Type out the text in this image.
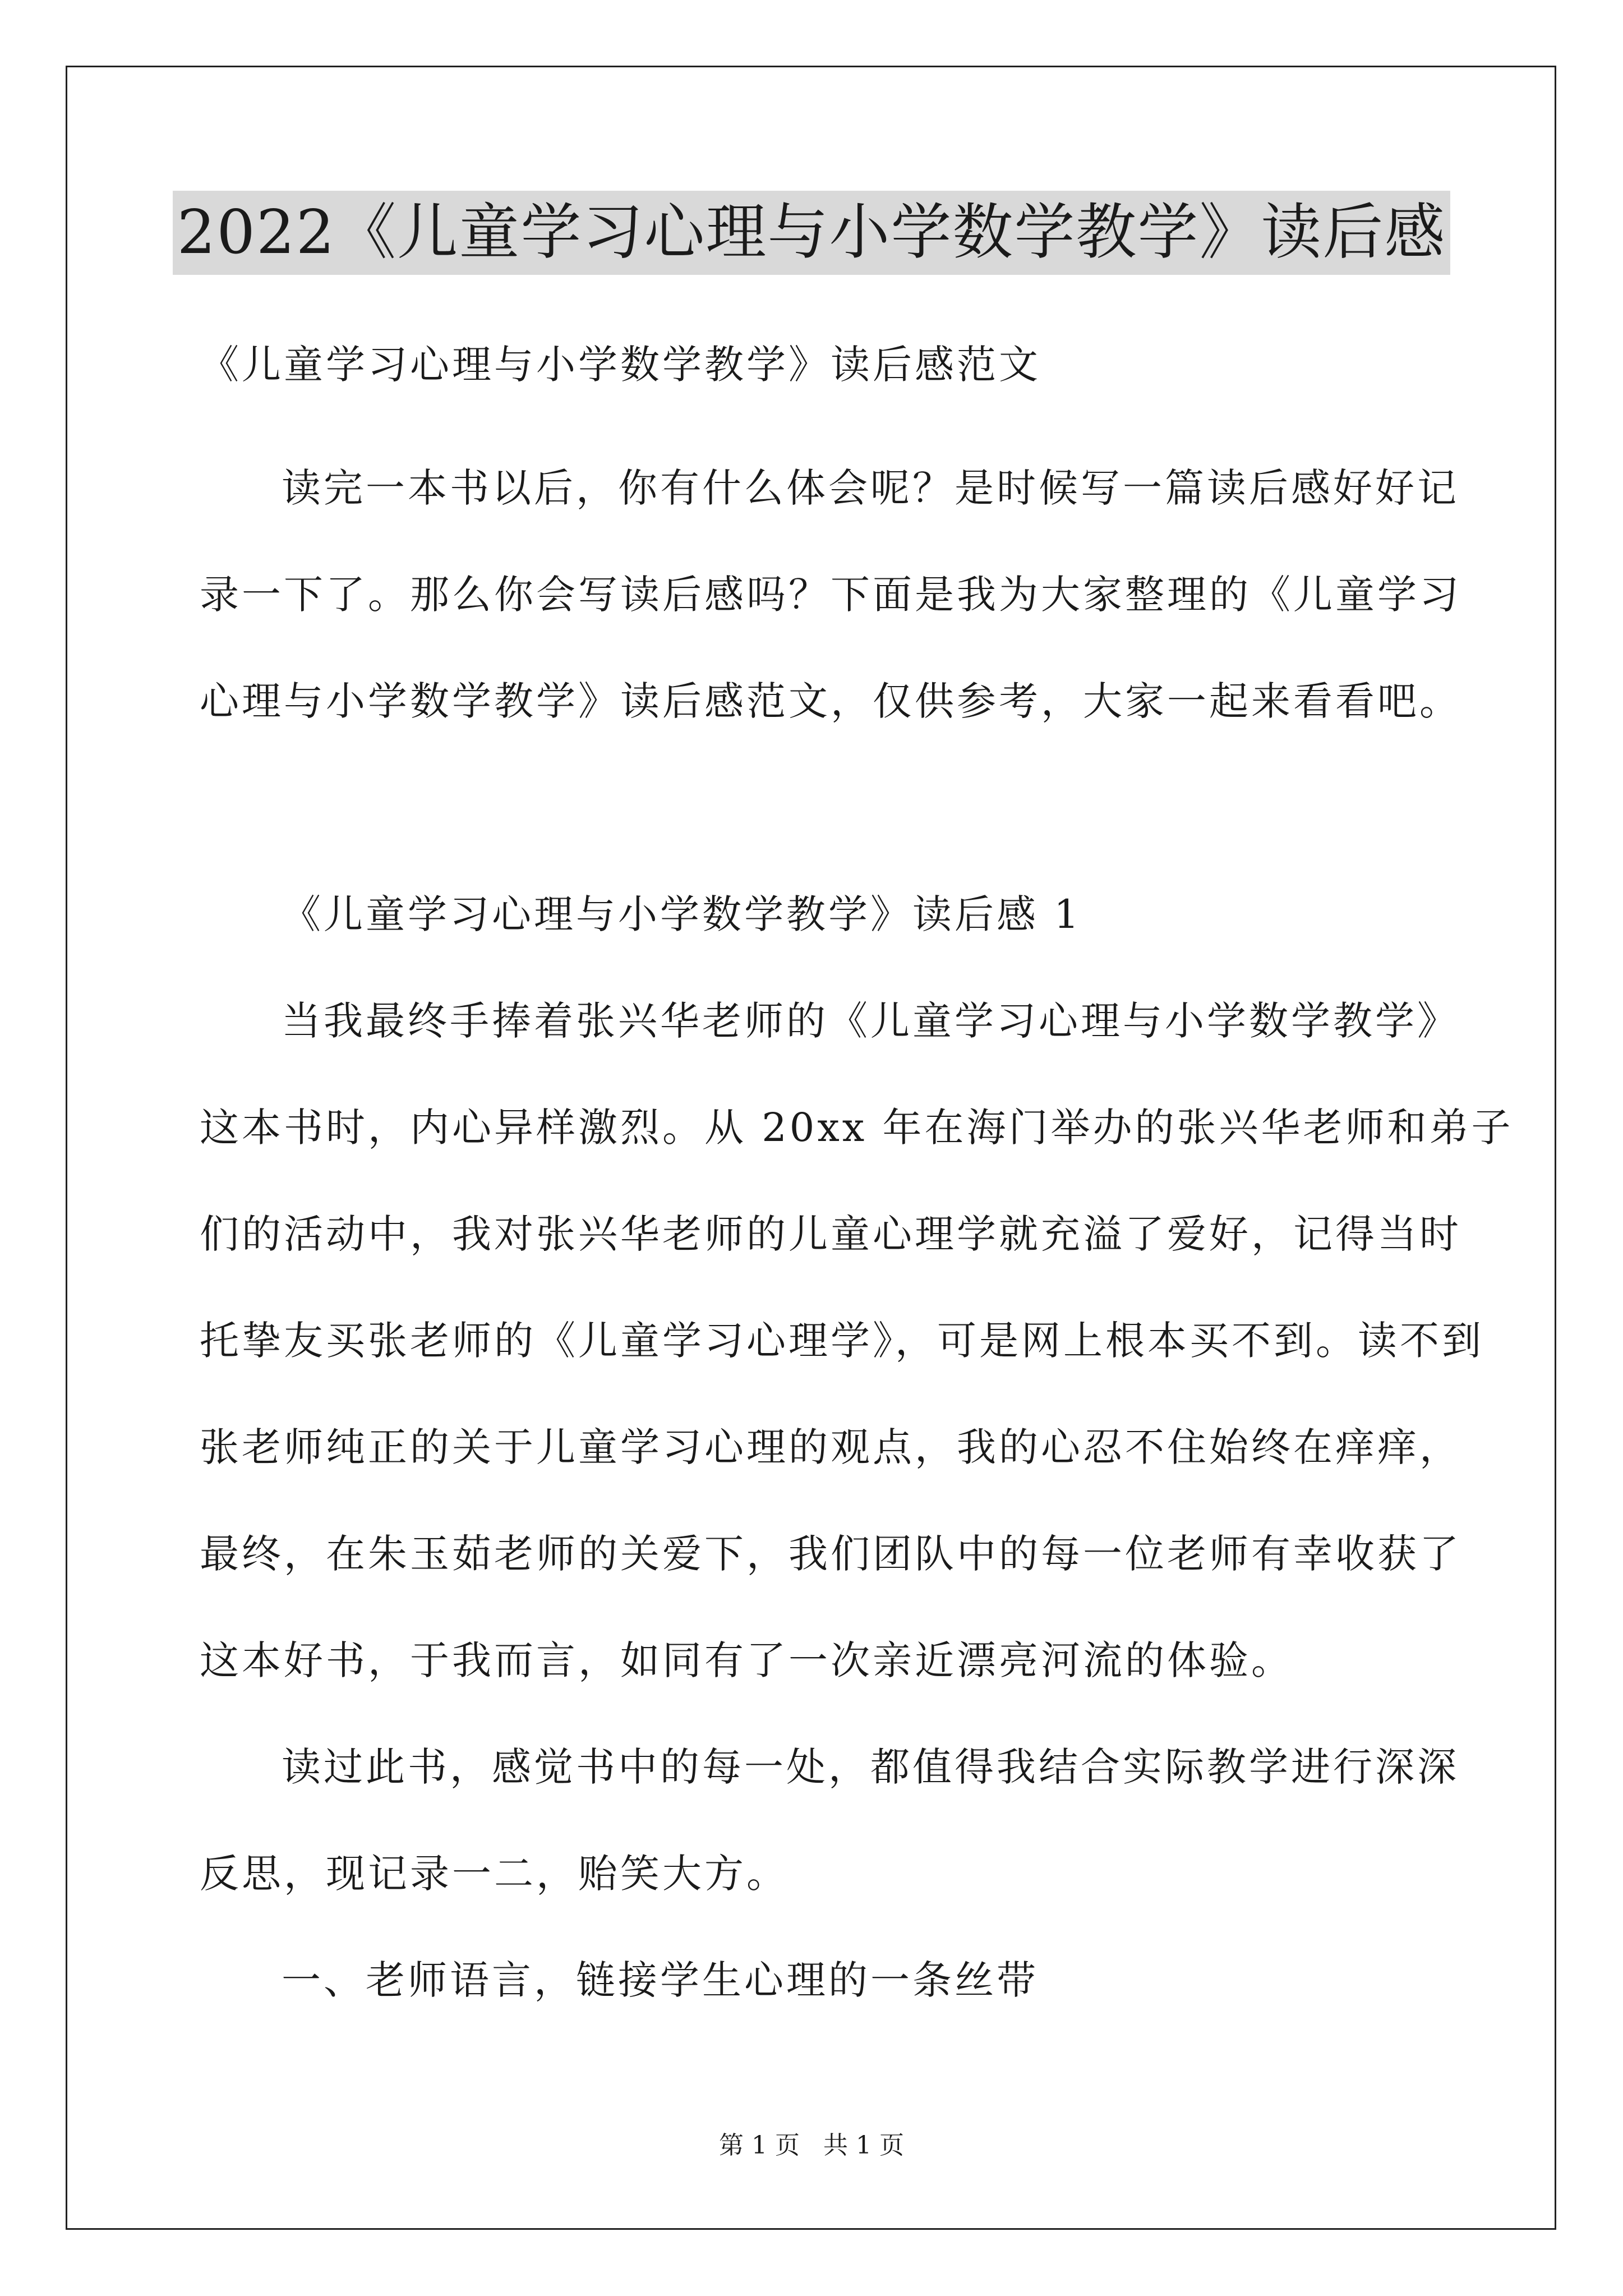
2022《儿童学习心理与小学数学教学》读后感
《儿童学习心理与小学数学教学》读后感范文
读完一本书以后，你有什么体会呢？是时候写一篇读后感好好记
录一下了。那么你会写读后感吗？下面是我为大家整理的《儿童学习
心理与小学数学教学》读后感范文，仅供参考，大家一起来看看吧。
《儿童学习心理与小学数学教学》读后感 1
当我最终手捧着张兴华老师的《儿童学习心理与小学数学教学》
这本书时，内心异样激烈。从 20xx 年在海门举办的张兴华老师和弟子
们的活动中，我对张兴华老师的儿童心理学就充溢了爱好，记得当时
托挚友买张老师的《儿童学习心理学》，可是网上根本买不到。读不到
张老师纯正的关于儿童学习心理的观点，我的心忍不住始终在痒痒，
最终，在朱玉茹老师的关爱下，我们团队中的每一位老师有幸收获了
这本好书，于我而言，如同有了一次亲近漂亮河流的体验。
读过此书，感觉书中的每一处，都值得我结合实际教学进行深深
反思，现记录一二，贻笑大方。
一、老师语言，链接学生心理的一条丝带
第 1 页   共 1 页
